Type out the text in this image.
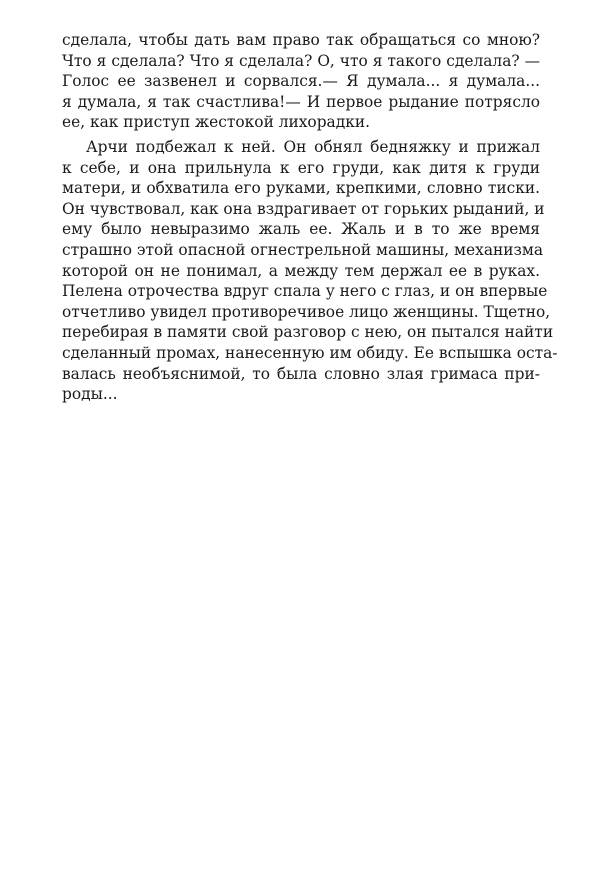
сделала, чтобы дать вам право так обращаться со мною?
Что я сделала? Что я сделала? О, что я такого сделала? —
Голос ее зазвенел и сорвался.— Я думала... я думала...
я думала, я так счастлива!— И первое рыдание потрясло
ее, как приступ жестокой лихорадки.
Арчи подбежал к ней. Он обнял бедняжку и прижал
к себе, и она прильнула к его груди, как дитя к груди
матери, и обхватила его руками, крепкими, словно тиски.
Он чувствовал, как она вздрагивает от горьких рыданий, и
ему было невыразимо жаль ее. Жаль и в то же время
страшно этой опасной огнестрельной машины, механизма
которой он не понимал, а между тем держал ее в руках.
Пелена отрочества вдруг спала у него с глаз, и он впервые
отчетливо увидел противоречивое лицо женщины. Тщетно,
перебирая в памяти свой разговор с нею, он пытался найти
сделанный промах, нанесенную им обиду. Ее вспышка оста-
валась необъяснимой, то была словно злая гримаса при-
роды...
